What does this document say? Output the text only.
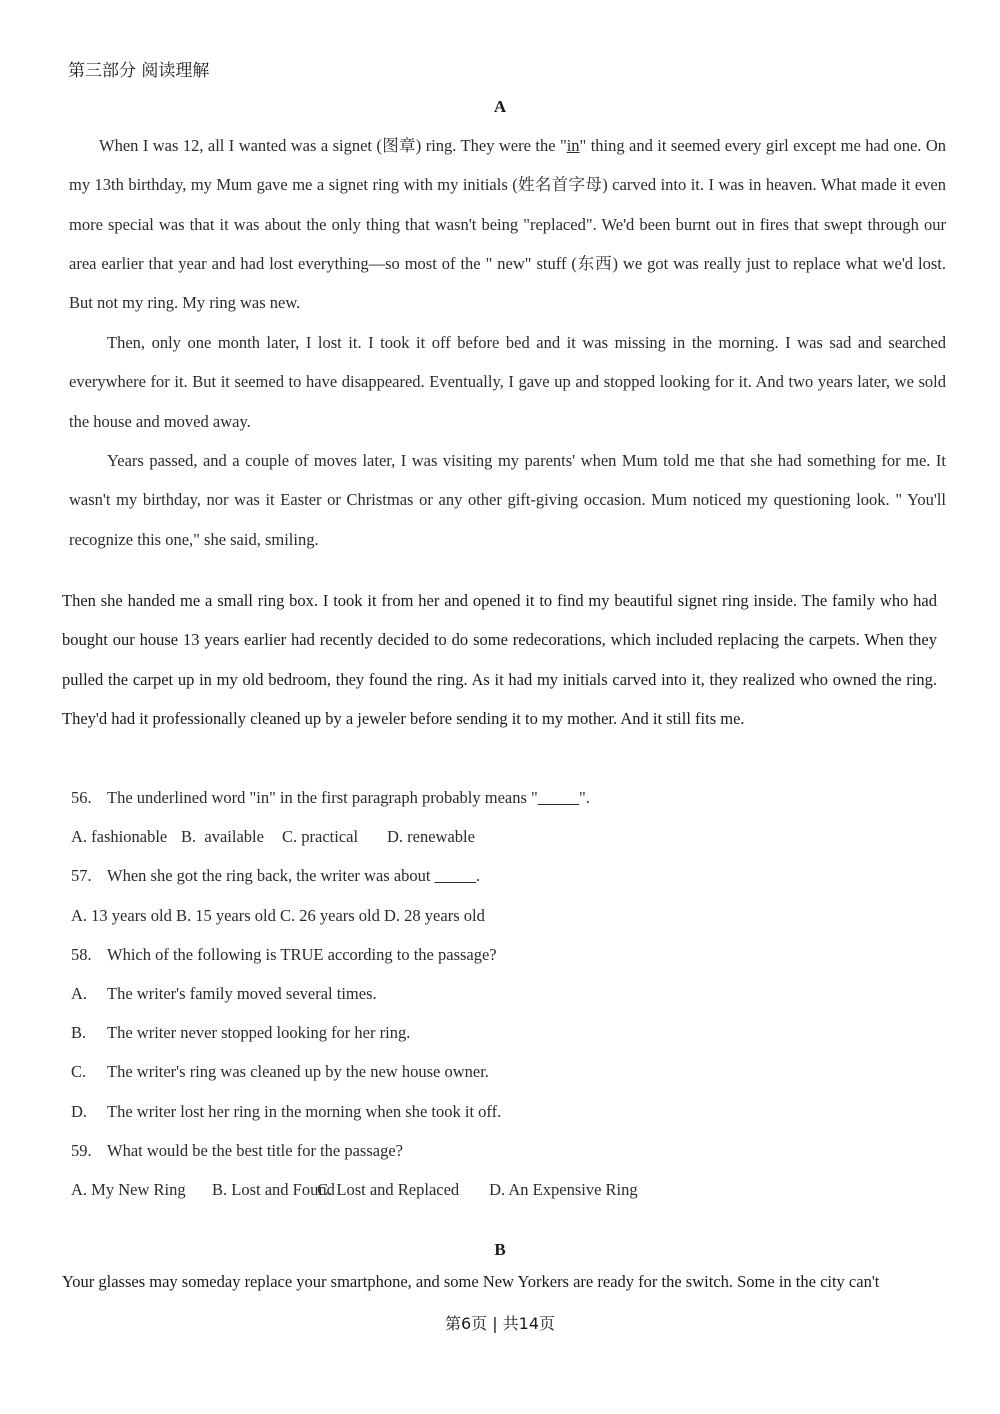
第三部分 阅读理解
A
When I was 12, all I wanted was a signet (图章) ring. They were the "in" thing and it seemed every girl except me had one. On my 13th birthday, my Mum gave me a signet ring with my initials (姓名首字母) carved into it. I was in heaven. What made it even more special was that it was about the only thing that wasn't being "replaced". We'd been burnt out in fires that swept through our area earlier that year and had lost everything—so most of the " new" stuff (东西) we got was really just to replace what we'd lost. But not my ring. My ring was new.
Then, only one month later, I lost it. I took it off before bed and it was missing in the morning. I was sad and searched everywhere for it. But it seemed to have disappeared. Eventually, I gave up and stopped looking for it. And two years later, we sold the house and moved away.
Years passed, and a couple of moves later, I was visiting my parents' when Mum told me that she had something for me. It wasn't my birthday, nor was it Easter or Christmas or any other gift-giving occasion. Mum noticed my questioning look. " You'll recognize this one," she said, smiling.
Then she handed me a small ring box. I took it from her and opened it to find my beautiful signet ring inside. The family who had bought our house 13 years earlier had recently decided to do some redecorations, which included replacing the carpets. When they pulled the carpet up in my old bedroom, they found the ring. As it had my initials carved into it, they realized who owned the ring. They'd had it professionally cleaned up by a jeweler before sending it to my mother. And it still fits me.
56. The underlined word "in" in the first paragraph probably means "_____".
A. fashionable B.  available C. practical D. renewable
57. When she got the ring back, the writer was about _____.
A. 13 years old B. 15 years old C. 26 years old D. 28 years old
58. Which of the following is TRUE according to the passage?
A. The writer's family moved several times.
B. The writer never stopped looking for her ring.
C. The writer's ring was cleaned up by the new house owner.
D. The writer lost her ring in the morning when she took it off.
59. What would be the best title for the passage?
A. My New Ring B. Lost and Found C. Lost and Replaced D. An Expensive Ring
B
Your glasses may someday replace your smartphone, and some New Yorkers are ready for the switch. Some in the city can't
第6页 | 共14页
